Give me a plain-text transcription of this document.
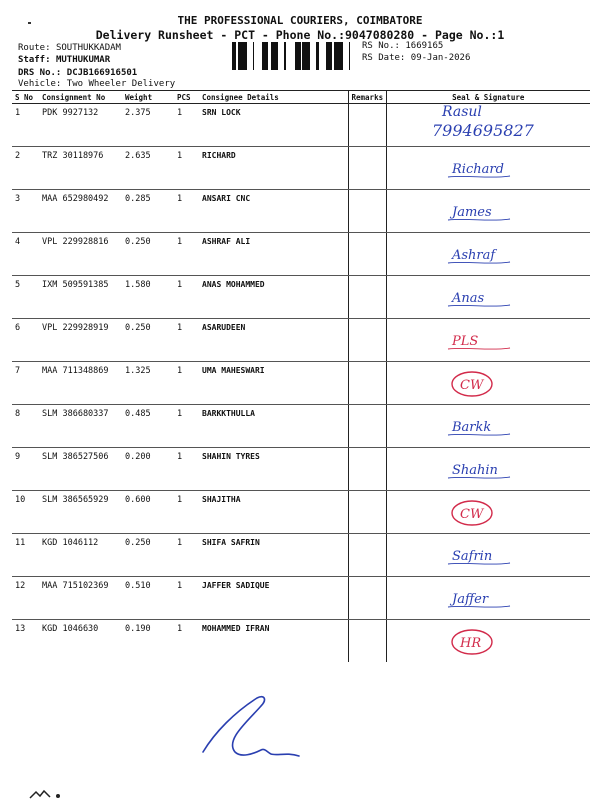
THE PROFESSIONAL COURIERS, COIMBATORE
Delivery Runsheet - PCT - Phone No.:9047080280 - Page No.:1
Route: SOUTHUKKADAM
Staff: MUTHUKUMAR
DRS No.: DCJB166916501
Vehicle: Two Wheeler Delivery
RS No.: 1669165
RS Date: 09-Jan-2026
S No	Consignment No	Weight	PCS	Consignee Details	Remarks	Seal & Signature
1	PDK 9927132	2.375	1	SRN LOCK		Rasul
7994695827

2	TRZ 30118976	2.635	1	RICHARD		Richard

3	MAA 652980492	0.285	1	ANSARI CNC		James

4	VPL 229928816	0.250	1	ASHRAF ALI		Ashraf

5	IXM 509591385	1.580	1	ANAS MOHAMMED		Anas

6	VPL 229928919	0.250	1	ASARUDEEN		PLS

7	MAA 711348869	1.325	1	UMA MAHESWARI		CW

8	SLM 386680337	0.485	1	BARKKTHULLA		Barkk

9	SLM 386527506	0.200	1	SHAHIN TYRES		Shahin

10	SLM 386565929	0.600	1	SHAJITHA		CW

11	KGD 1046112	0.250	1	SHIFA SAFRIN		Safrin

12	MAA 715102369	0.510	1	JAFFER SADIQUE		Jaffer

13	KGD 1046630	0.190	1	MOHAMMED IFRAN		HR
